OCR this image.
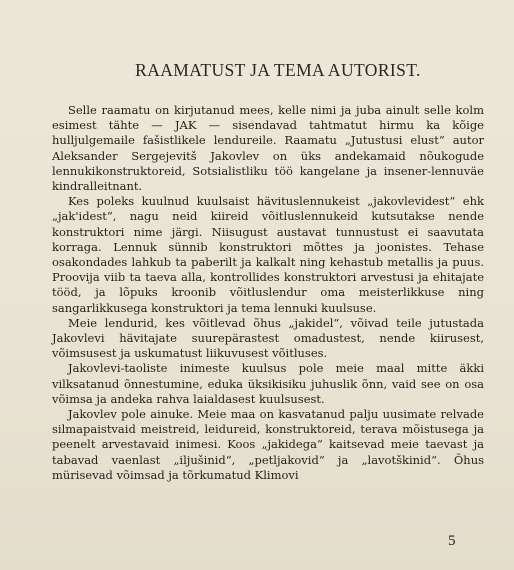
RAAMATUST JA TEMA AUTORIST.

Selle raamatu on kirjutanud mees, kelle nimi ja juba ainult selle kolm esimest tähte — JAK — sisendavad tahtmatut hirmu ka kõige hulljulgemaile fašistlikele lendureile. Raamatu „Jutustusi elust“ autor Aleksander Sergejevitš Jakovlev on üks andekamaid nõukogude lennukikonstruktoreid, Sotsialistliku töö kangelane ja insener-lennuväe kindralleitnant.

Kes poleks kuulnud kuulsaist hävituslennukeist „jakovlevidest“ ehk „jak'idest“, nagu neid kiireid võitluslennukeid kutsutakse nende konstruktori nime järgi. Niisugust austavat tunnustust ei saavutata korraga. Lennuk sünnib konstruktori mõttes ja joonistes. Tehase osakondades lahkub ta paberilt ja kalkalt ning kehastub metallis ja puus. Proovija viib ta taeva alla, kontrollides konstruktori arvestusi ja ehitajate tööd, ja lõpuks kroonib võitluslendur oma meisterlikkuse ning sangarlikkusega konstruktori ja tema lennuki kuulsuse.

Meie lendurid, kes võitlevad õhus „jakidel“, võivad teile jutustada Jakovlevi hävitajate suurepärastest omadustest, nende kiirusest, võimsusest ja uskumatust liikuvusest võitluses.

Jakovlevi-taoliste inimeste kuulsus pole meie maal mitte äkki vilksatanud õnnestumine, eduka üksikisiku juhuslik õnn, vaid see on osa võimsa ja andeka rahva laialdasest kuulsusest.

Jakovlev pole ainuke. Meie maa on kasvatanud palju uusimate relvade silmapaistvaid meistreid, leidureid, konstruktoreid, terava mõistusega ja peenelt arvestavaid inimesi. Koos „jakidega“ kaitsevad meie taevast ja tabavad vaenlast „iljušinid“, „petljakovid“ ja „lavotškinid“. Õhus mürisevad võimsad ja tõrkumatud Klimovi

5
